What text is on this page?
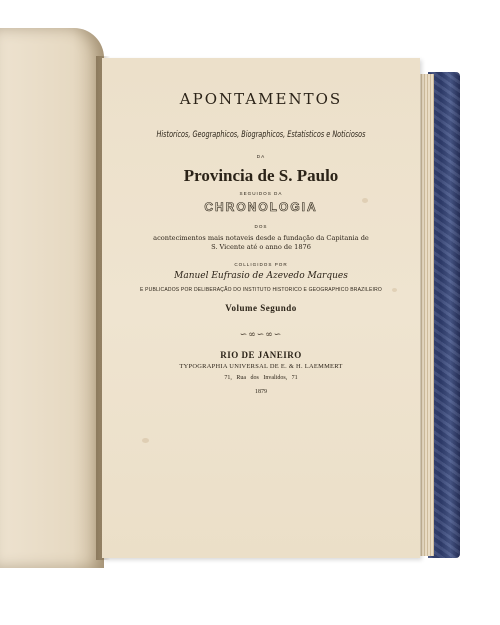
APONTAMENTOS
Historicos, Geographicos, Biographicos, Estatisticos e Noticiosos
DA
Provincia de S. Paulo
SEGUIDOS DA
CHRONOLOGIA
DOS
acontecimentos mais notaveis desde a fundação da Capitania de
S. Vicente até o anno de 1876
COLLIGIDOS POR
Manuel Eufrasio de Azevedo Marques
E PUBLICADOS POR DELIBERAÇÃO DO INSTITUTO HISTORICO E GEOGRAPHICO BRAZILEIRO
Volume Segundo
∽∞∽∞∽
RIO DE JANEIRO
TYPOGRAPHIA UNIVERSAL DE E. & H. LAEMMERT
71, Rua dos Invalidos, 71
1879
